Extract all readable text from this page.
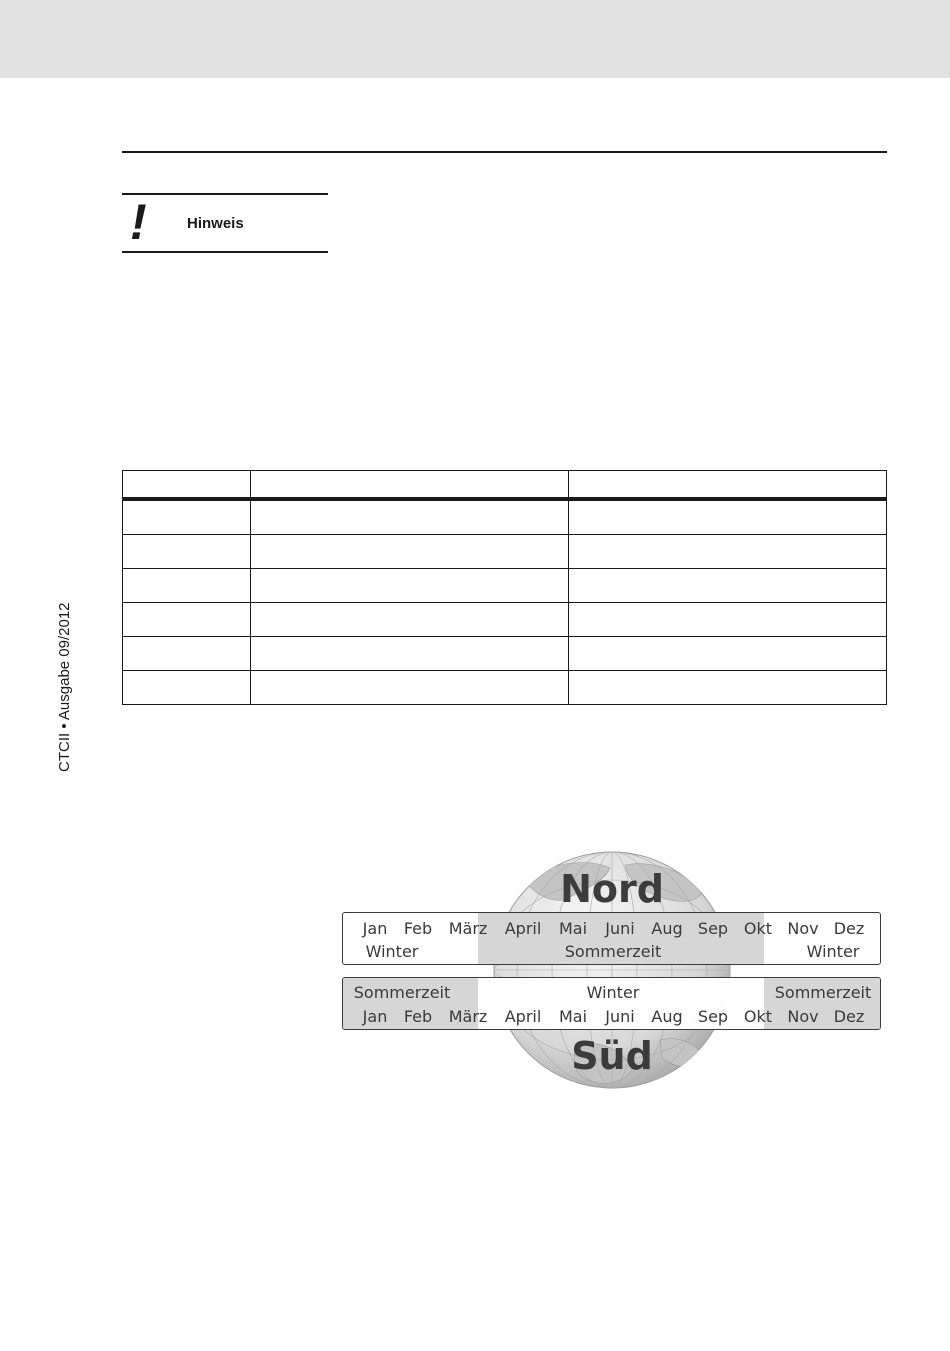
!	Hinweis
CTCII • Ausgabe 09/2012

Nord
Süd
Jan Feb März April Mai Juni Aug Sep Okt Nov Dez
Winter	Sommerzeit	Winter
Sommerzeit	Winter	Sommerzeit
Jan Feb März April Mai Juni Aug Sep Okt Nov Dez
